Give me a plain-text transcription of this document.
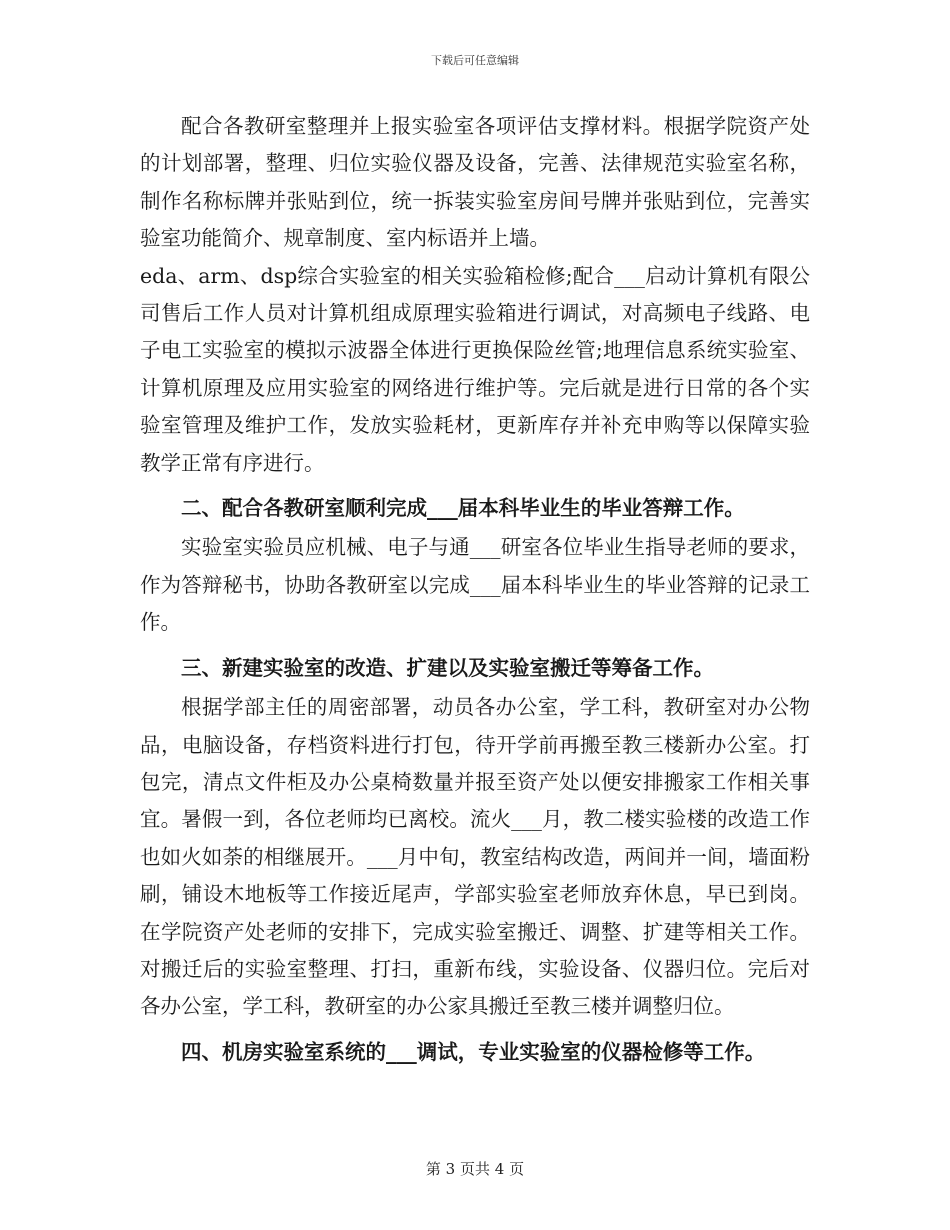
下载后可任意编辑

配合各教研室整理并上报实验室各项评估支撑材料。根据学院资产处的计划部署，整理、归位实验仪器及设备，完善、法律规范实验室名称，制作名称标牌并张贴到位，统一拆装实验室房间号牌并张贴到位，完善实验室功能简介、规章制度、室内标语并上墙。

eda、arm、dsp综合实验室的相关实验箱检修;配合___启动计算机有限公司售后工作人员对计算机组成原理实验箱进行调试，对高频电子线路、电子电工实验室的模拟示波器全体进行更换保险丝管;地理信息系统实验室、计算机原理及应用实验室的网络进行维护等。完后就是进行日常的各个实验室管理及维护工作，发放实验耗材，更新库存并补充申购等以保障实验教学正常有序进行。

二、配合各教研室顺利完成___届本科毕业生的毕业答辩工作。

实验室实验员应机械、电子与通___研室各位毕业生指导老师的要求，作为答辩秘书，协助各教研室以完成___届本科毕业生的毕业答辩的记录工作。

三、新建实验室的改造、扩建以及实验室搬迁等筹备工作。

根据学部主任的周密部署，动员各办公室，学工科，教研室对办公物品，电脑设备，存档资料进行打包，待开学前再搬至教三楼新办公室。打包完，清点文件柜及办公桌椅数量并报至资产处以便安排搬家工作相关事宜。暑假一到，各位老师均已离校。流火___月，教二楼实验楼的改造工作也如火如荼的相继展开。___月中旬，教室结构改造，两间并一间，墙面粉刷，铺设木地板等工作接近尾声，学部实验室老师放弃休息，早已到岗。在学院资产处老师的安排下，完成实验室搬迁、调整、扩建等相关工作。对搬迁后的实验室整理、打扫，重新布线，实验设备、仪器归位。完后对各办公室，学工科，教研室的办公家具搬迁至教三楼并调整归位。

四、机房实验室系统的___调试，专业实验室的仪器检修等工作。

第 3 页共 4 页
